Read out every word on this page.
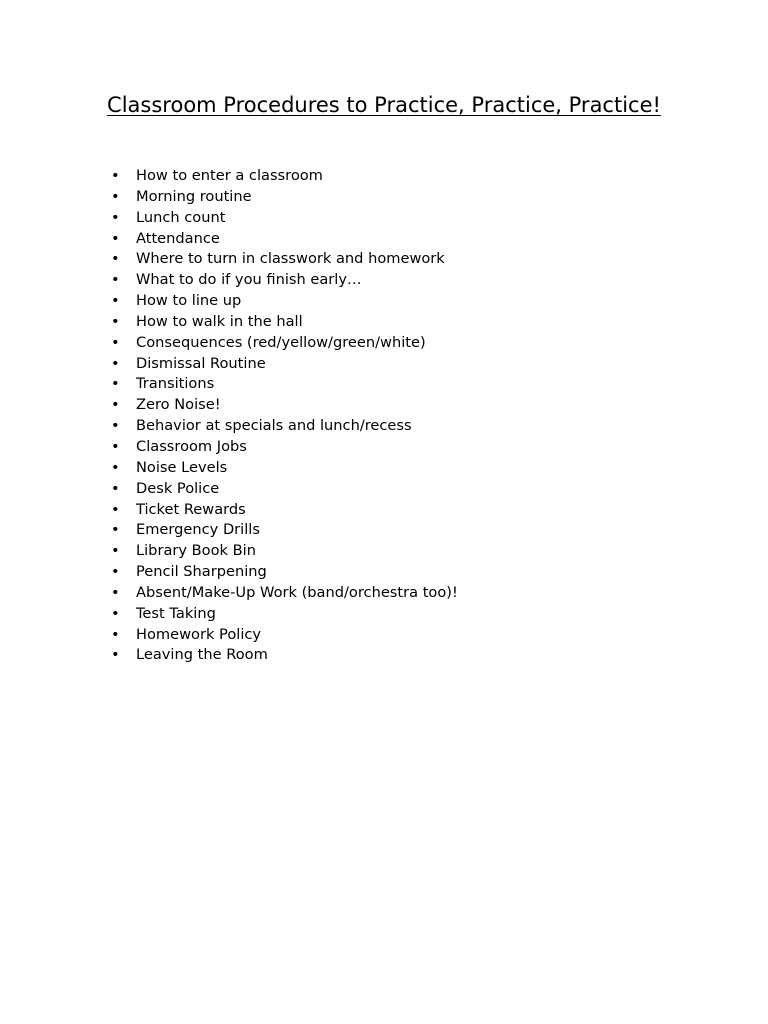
Classroom Procedures to Practice, Practice, Practice!
• How to enter a classroom
• Morning routine
• Lunch count
• Attendance
• Where to turn in classwork and homework
• What to do if you finish early…
• How to line up
• How to walk in the hall
• Consequences (red/yellow/green/white)
• Dismissal Routine
• Transitions
• Zero Noise!
• Behavior at specials and lunch/recess
• Classroom Jobs
• Noise Levels
• Desk Police
• Ticket Rewards
• Emergency Drills
• Library Book Bin
• Pencil Sharpening
• Absent/Make-Up Work (band/orchestra too)!
• Test Taking
• Homework Policy
• Leaving the Room
